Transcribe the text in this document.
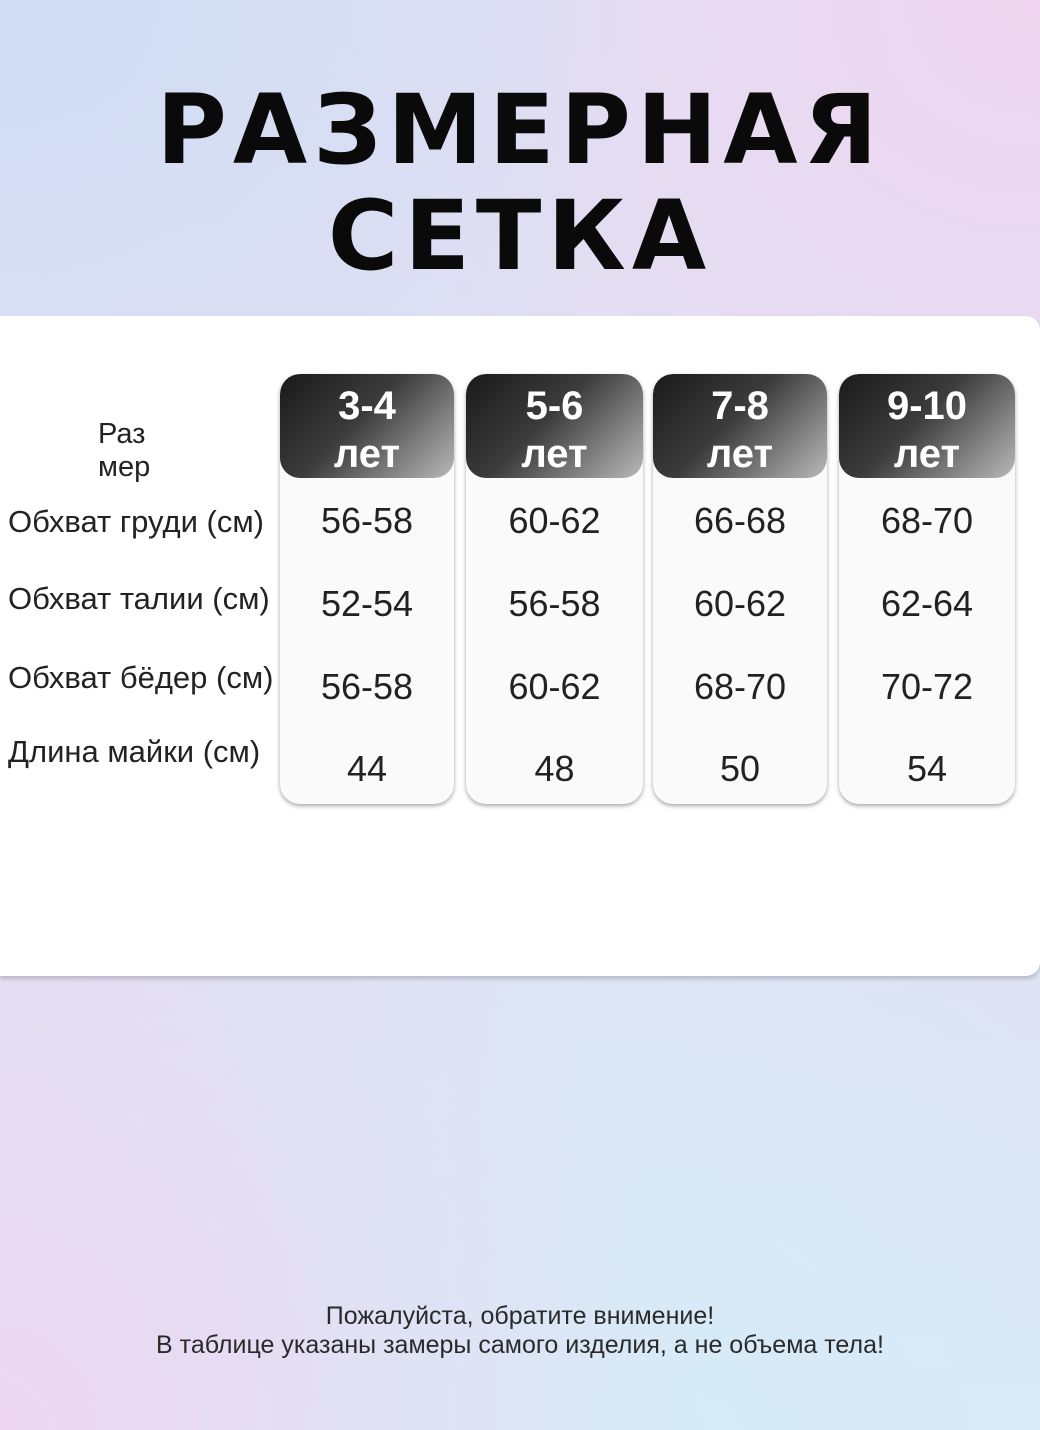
РАЗМЕРНАЯ СЕТКА
Раз
мер
Обхват груди (см)
Обхват талии (см)
Обхват бёдер (см)
Длина майки (см)
3-4
лет
56-58
52-54
56-58
44
5-6
лет
60-62
56-58
60-62
48
7-8
лет
66-68
60-62
68-70
50
9-10
лет
68-70
62-64
70-72
54
Пожалуйста, обратите внимение!
В таблице указаны замеры самого изделия, а не объема тела!
